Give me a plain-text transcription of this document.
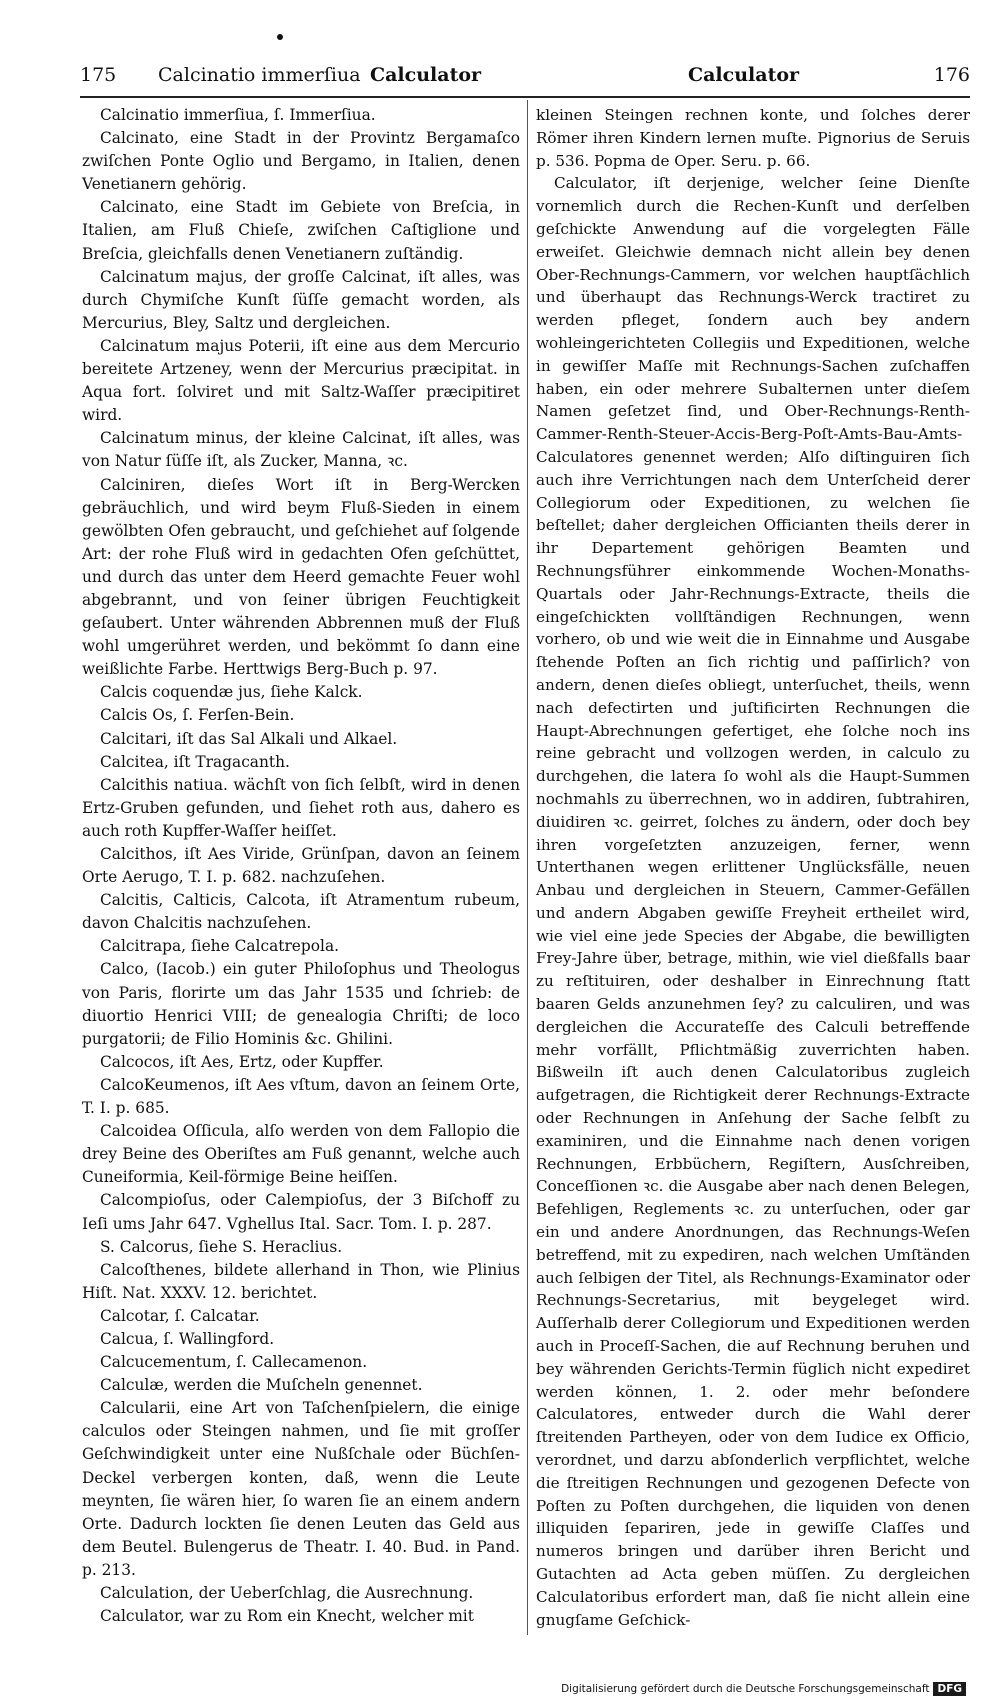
175 Calcinatio immerſiua Calculator	Calculator	176

Calcinatio immerſiua, ſ. Immerſiua.

Calcinato, eine Stadt in der Provintz Bergamaſco zwiſchen Ponte Oglio und Bergamo, in Italien, denen Venetianern gehörig.

Calcinato, eine Stadt im Gebiete von Breſcia, in Italien, am Fluß Chieſe, zwiſchen Caſtiglione und Breſcia, gleichfalls denen Venetianern zuſtändig.

Calcinatum majus, der groſſe Calcinat, iſt alles, was durch Chymiſche Kunſt ſüſſe gemacht worden, als Mercurius, Bley, Saltz und dergleichen.

Calcinatum majus Poterii, iſt eine aus dem Mercurio bereitete Artzeney, wenn der Mercurius præcipitat. in Aqua fort. ſolviret und mit Saltz-Waſſer præcipitiret wird.

Calcinatum minus, der kleine Calcinat, iſt alles, was von Natur ſüſſe iſt, als Zucker, Manna, ꝛc.

Calciniren, dieſes Wort iſt in Berg-Wercken gebräuchlich, und wird beym Fluß-Sieden in einem gewölbten Ofen gebraucht, und geſchiehet auf ſolgende Art: der rohe Fluß wird in gedachten Ofen geſchüttet, und durch das unter dem Heerd gemachte Feuer wohl abgebrannt, und von ſeiner übrigen Feuchtigkeit geſaubert. Unter währenden Abbrennen muß der Fluß wohl umgerühret werden, und bekömmt ſo dann eine weißlichte Farbe. Herttwigs Berg-Buch p. 97.

Calcis coquendæ jus, ſiehe Kalck.

Calcis Os, ſ. Ferſen-Bein.

Calcitari, iſt das Sal Alkali und Alkael.

Calcitea, iſt Tragacanth.

Calcithis natiua. wächſt von ſich ſelbſt, wird in denen Ertz-Gruben gefunden, und ſiehet roth aus, dahero es auch roth Kupffer-Waſſer heiſſet.

Calcithos, iſt Aes Viride, Grünſpan, davon an ſeinem Orte Aerugo, T. I. p. 682. nachzuſehen.

Calcitis, Calticis, Calcota, iſt Atramentum rubeum, davon Chalcitis nachzuſehen.

Calcitrapa, ſiehe Calcatrepola.

Calco, (Iacob.) ein guter Philoſophus und Theologus von Paris, florirte um das Jahr 1535 und ſchrieb: de diuortio Henrici VIII; de genealogia Chriſti; de loco purgatorii; de Filio Hominis &c. Ghilini.

Calcocos, iſt Aes, Ertz, oder Kupffer.

CalcoKeumenos, iſt Aes vſtum, davon an ſeinem Orte, T. I. p. 685.

Calcoidea Oſſicula, alſo werden von dem Fallopio die drey Beine des Oberiſtes am Fuß genannt, welche auch Cuneiformia, Keil-förmige Beine heiſſen.

Calcompioſus, oder Calempioſus, der 3 Biſchoff zu Ieſi ums Jahr 647. Vghellus Ital. Sacr. Tom. I. p. 287.

S. Calcorus, ſiehe S. Heraclius.

Calcoſthenes, bildete allerhand in Thon, wie Plinius Hiſt. Nat. XXXV. 12. berichtet.

Calcotar, ſ. Calcatar.

Calcua, ſ. Wallingford.

Calcucementum, ſ. Callecamenon.

Calculæ, werden die Muſcheln genennet.

Calcularii, eine Art von Taſchenſpielern, die einige calculos oder Steingen nahmen, und ſie mit groſſer Geſchwindigkeit unter eine Nußſchale oder Büchſen-Deckel verbergen konten, daß, wenn die Leute meynten, ſie wären hier, ſo waren ſie an einem andern Orte. Dadurch lockten ſie denen Leuten das Geld aus dem Beutel. Bulengerus de Theatr. I. 40. Bud. in Pand. p. 213.

Calculation, der Ueberſchlag, die Ausrechnung.

Calculator, war zu Rom ein Knecht, welcher mit

kleinen Steingen rechnen konte, und ſolches derer Römer ihren Kindern lernen muſte. Pignorius de Seruis p. 536. Popma de Oper. Seru. p. 66.

Calculator, iſt derjenige, welcher ſeine Dienſte vornemlich durch die Rechen-Kunſt und derſelben geſchickte Anwendung auf die vorgelegten Fälle erweiſet. Gleichwie demnach nicht allein bey denen Ober-Rechnungs-Cammern, vor welchen hauptſächlich und überhaupt das Rechnungs-Werck tractiret zu werden pfleget, ſondern auch bey andern wohleingerichteten Collegiis und Expeditionen, welche in gewiſſer Maſſe mit Rechnungs-Sachen zuſchaffen haben, ein oder mehrere Subalternen unter dieſem Namen geſetzet ſind, und Ober-Rechnungs-Renth-Cammer-Renth-Steuer-Accis-Berg-Poſt-Amts-Bau-Amts-Calculatores genennet werden; Alſo diſtinguiren ſich auch ihre Verrichtungen nach dem Unterſcheid derer Collegiorum oder Expeditionen, zu welchen ſie beſtellet; daher dergleichen Officianten theils derer in ihr Departement gehörigen Beamten und Rechnungsführer einkommende Wochen-Monaths-Quartals oder Jahr-Rechnungs-Extracte, theils die eingeſchickten vollſtändigen Rechnungen, wenn vorhero, ob und wie weit die in Einnahme und Ausgabe ſtehende Poſten an ſich richtig und paſſirlich? von andern, denen dieſes obliegt, unterſuchet, theils, wenn nach defectirten und juſtificirten Rechnungen die Haupt-Abrechnungen gefertiget, ehe ſolche noch ins reine gebracht und vollzogen werden, in calculo zu durchgehen, die latera ſo wohl als die Haupt-Summen nochmahls zu überrechnen, wo in addiren, ſubtrahiren, diuidiren ꝛc. geirret, ſolches zu ändern, oder doch bey ihren vorgeſetzten anzuzeigen, ferner, wenn Unterthanen wegen erlittener Unglücksfälle, neuen Anbau und dergleichen in Steuern, Cammer-Gefällen und andern Abgaben gewiſſe Freyheit ertheilet wird, wie viel eine jede Species der Abgabe, die bewilligten Frey-Jahre über, betrage, mithin, wie viel dießfalls baar zu reſtituiren, oder deshalber in Einrechnung ſtatt baaren Gelds anzunehmen ſey? zu calculiren, und was dergleichen die Accurateſſe des Calculi betreffende mehr vorfällt, Pflichtmäßig zuverrichten haben. Bißweiln iſt auch denen Calculatoribus zugleich aufgetragen, die Richtigkeit derer Rechnungs-Extracte oder Rechnungen in Anſehung der Sache ſelbſt zu examiniren, und die Einnahme nach denen vorigen Rechnungen, Erbbüchern, Regiſtern, Ausſchreiben, Conceſſionen ꝛc. die Ausgabe aber nach denen Belegen, Befehligen, Reglements ꝛc. zu unterſuchen, oder gar ein und andere Anordnungen, das Rechnungs-Weſen betreffend, mit zu expediren, nach welchen Umſtänden auch ſelbigen der Titel, als Rechnungs-Examinator oder Rechnungs-Secretarius, mit beygeleget wird. Auſſerhalb derer Collegiorum und Expeditionen werden auch in Proceſſ-Sachen, die auf Rechnung beruhen und bey währenden Gerichts-Termin füglich nicht expediret werden können, 1. 2. oder mehr beſondere Calculatores, entweder durch die Wahl derer ſtreitenden Partheyen, oder von dem Iudice ex Officio, verordnet, und darzu abſonderlich verpflichtet, welche die ſtreitigen Rechnungen und gezogenen Defecte von Poſten zu Poſten durchgehen, die liquiden von denen illiquiden ſepariren, jede in gewiſſe Claſſes und numeros bringen und darüber ihren Bericht und Gutachten ad Acta geben müſſen. Zu dergleichen Calculatoribus erfordert man, daß ſie nicht allein eine gnugſame Geſchick-

Digitalisierung gefördert durch die Deutsche Forschungsgemeinschaft DFG
